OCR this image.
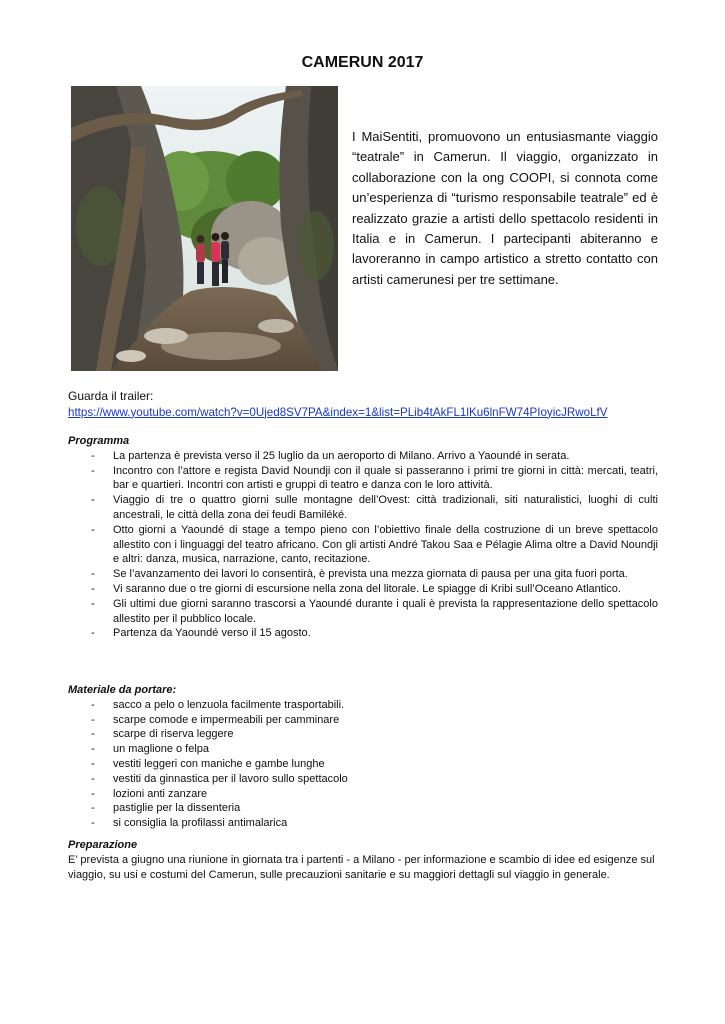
CAMERUN 2017
I MaiSentiti, promuovono un entusiasmante viaggio “teatrale” in Camerun. Il viaggio, organizzato in collaborazione con la ong COOPI, si connota come un’esperienza di “turismo responsabile teatrale” ed è realizzato grazie a artisti dello spettacolo residenti in Italia e in Camerun. I partecipanti abiteranno e lavoreranno in campo artistico a stretto contatto con artisti camerunesi per tre settimane.
Guarda il trailer:
https://www.youtube.com/watch?v=0Ujed8SV7PA&index=1&list=PLib4tAkFL1lKu6lnFW74PIoyicJRwoLfV
Programma
- La partenza è prevista verso il 25 luglio da un aeroporto di Milano. Arrivo a Yaoundé in serata.
- Incontro con l’attore e regista David Noundji con il quale si passeranno i primi tre giorni in città: mercati, teatri, bar e quartieri. Incontri con artisti e gruppi di teatro e danza con le loro attività.
- Viaggio di tre o quattro giorni sulle montagne dell’Ovest: città tradizionali, siti naturalistici, luoghi di culti ancestrali, le città della zona dei feudi Bamiléké.
- Otto giorni a Yaoundé di stage a tempo pieno con l’obiettivo finale della costruzione di un breve spettacolo allestito con i linguaggi del teatro africano. Con gli artisti André Takou Saa e Pélagie Alima oltre a David Noundji e altri: danza, musica, narrazione, canto, recitazione.
- Se l’avanzamento dei lavori lo consentirà, è prevista una mezza giornata di pausa per una gita fuori porta.
- Vi saranno due o tre giorni di escursione nella zona del litorale. Le spiagge di Kribi sull’Oceano Atlantico.
- Gli ultimi due giorni saranno trascorsi a Yaoundé durante i quali è prevista la rappresentazione dello spettacolo allestito per il pubblico locale.
- Partenza da Yaoundé verso il 15 agosto.
Materiale da portare:
- sacco a pelo o lenzuola facilmente trasportabili.
- scarpe comode e impermeabili per camminare
- scarpe di riserva leggere
- un maglione o felpa
- vestiti leggeri con maniche e gambe lunghe
- vestiti da ginnastica per il lavoro sullo spettacolo
- lozioni anti zanzare
- pastiglie per la dissenteria
- si consiglia la profilassi antimalarica
Preparazione
E’ prevista a giugno una riunione in giornata tra i partenti - a Milano - per informazione e scambio di idee ed esigenze sul viaggio, su usi e costumi del Camerun, sulle precauzioni sanitarie e su maggiori dettagli sul viaggio in generale.
